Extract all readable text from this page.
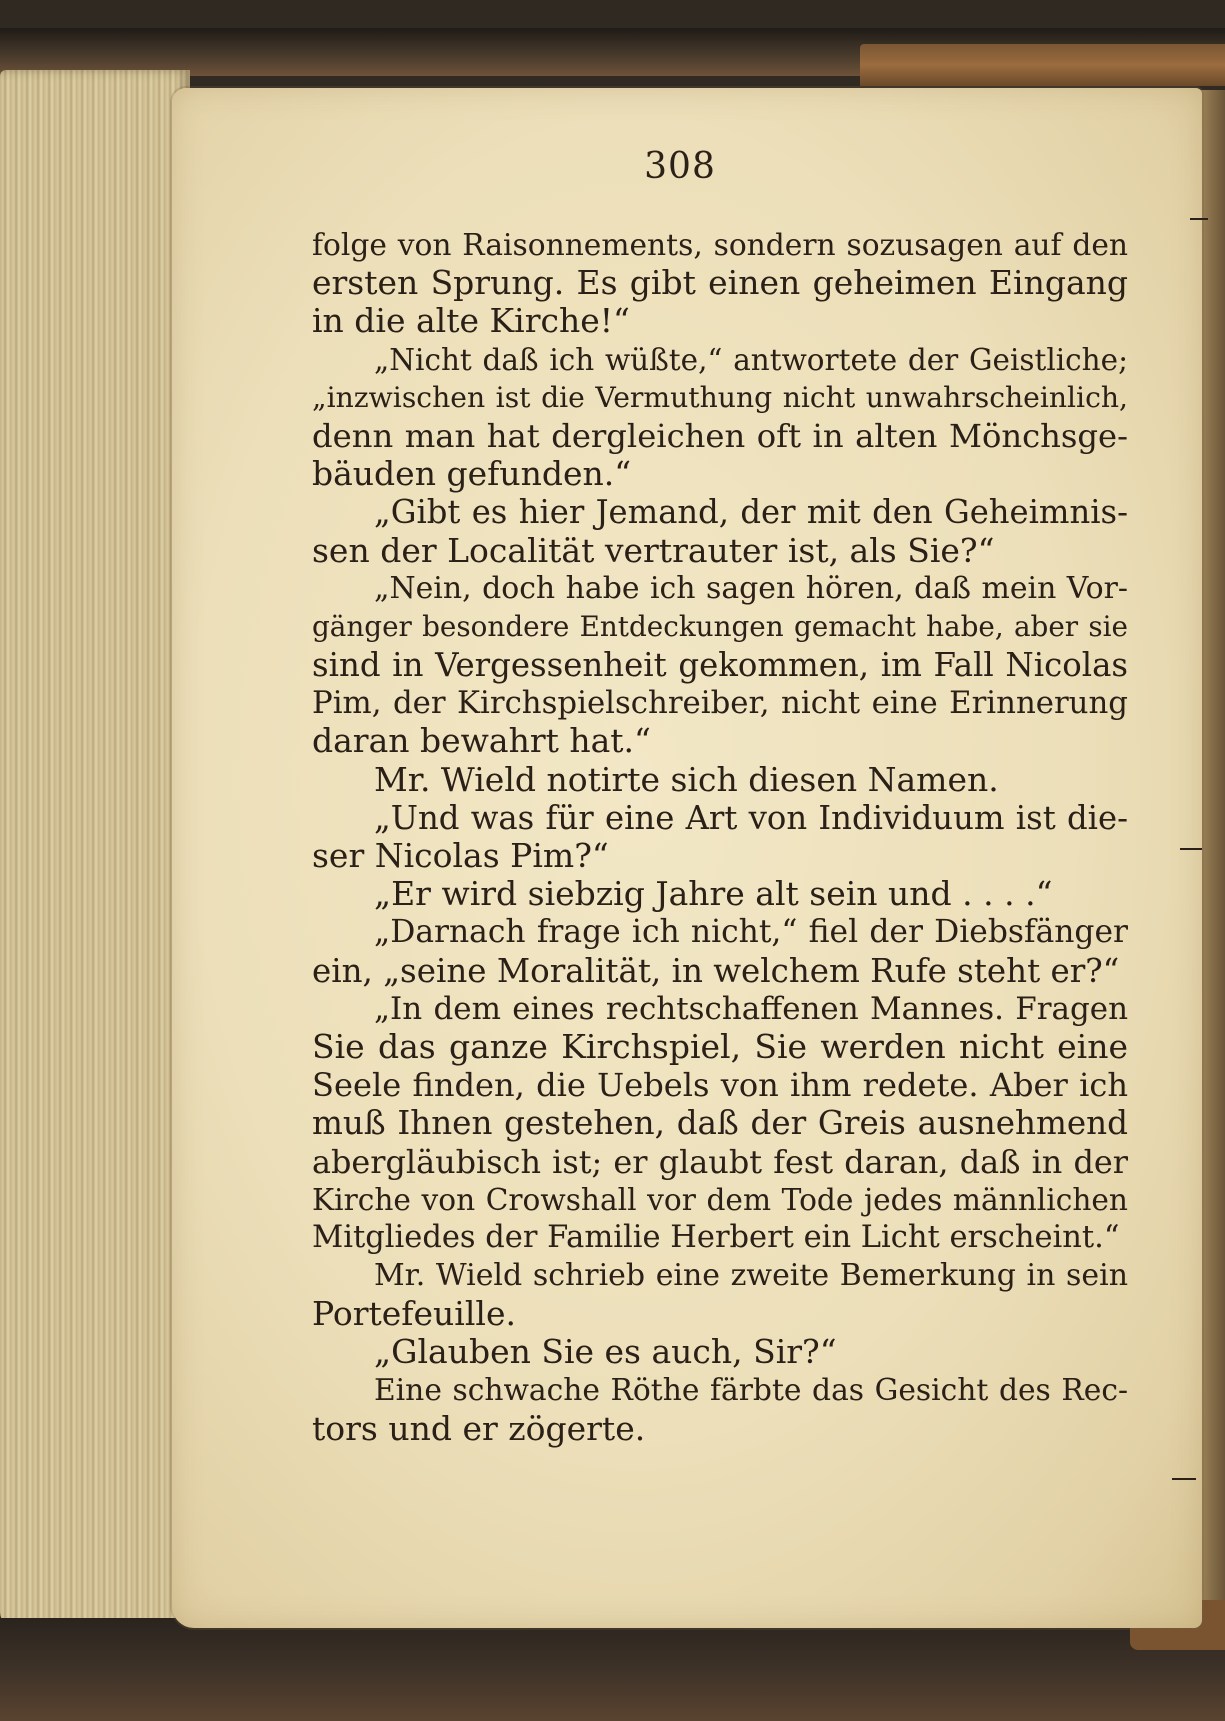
308
folge von Raisonnements, sondern sozusagen auf den
ersten Sprung. Es gibt einen geheimen Eingang
in die alte Kirche!“
„Nicht daß ich wüßte,“ antwortete der Geistliche;
„inzwischen ist die Vermuthung nicht unwahrscheinlich,
denn man hat dergleichen oft in alten Mönchsge-
bäuden gefunden.“
„Gibt es hier Jemand, der mit den Geheimnis-
sen der Localität vertrauter ist, als Sie?“
„Nein, doch habe ich sagen hören, daß mein Vor-
gänger besondere Entdeckungen gemacht habe, aber sie
sind in Vergessenheit gekommen, im Fall Nicolas
Pim, der Kirchspielschreiber, nicht eine Erinnerung
daran bewahrt hat.“
Mr. Wield notirte sich diesen Namen.
„Und was für eine Art von Individuum ist die-
ser Nicolas Pim?“
„Er wird siebzig Jahre alt sein und . . . .“
„Darnach frage ich nicht,“ fiel der Diebsfänger
ein, „seine Moralität, in welchem Rufe steht er?“
„In dem eines rechtschaffenen Mannes. Fragen
Sie das ganze Kirchspiel, Sie werden nicht eine
Seele finden, die Uebels von ihm redete. Aber ich
muß Ihnen gestehen, daß der Greis ausnehmend
abergläubisch ist; er glaubt fest daran, daß in der
Kirche von Crowshall vor dem Tode jedes männlichen
Mitgliedes der Familie Herbert ein Licht erscheint.“
Mr. Wield schrieb eine zweite Bemerkung in sein
Portefeuille.
„Glauben Sie es auch, Sir?“
Eine schwache Röthe färbte das Gesicht des Rec-
tors und er zögerte.
